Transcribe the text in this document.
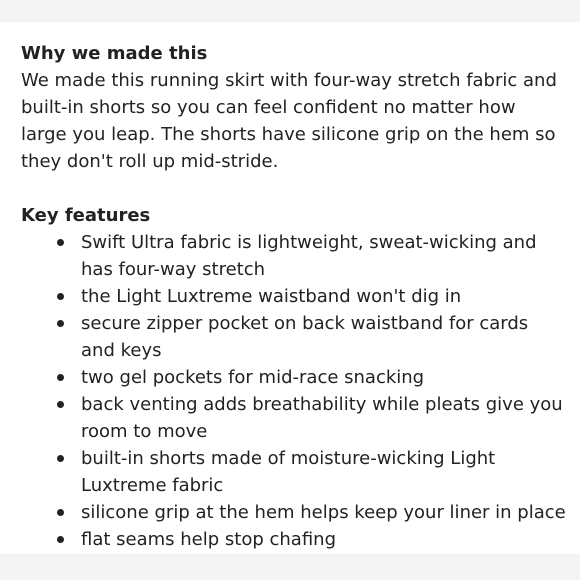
Why we made this

We made this running skirt with four-way stretch fabric and built-in shorts so you can feel confident no matter how large you leap. The shorts have silicone grip on the hem so they don't roll up mid-stride.

Key features
Swift Ultra fabric is lightweight, sweat-wicking and has four-way stretch
the Light Luxtreme waistband won't dig in
secure zipper pocket on back waistband for cards and keys
two gel pockets for mid-race snacking
back venting adds breathability while pleats give you room to move
built-in shorts made of moisture-wicking Light Luxtreme fabric
silicone grip at the hem helps keep your liner in place
flat seams help stop chafing
